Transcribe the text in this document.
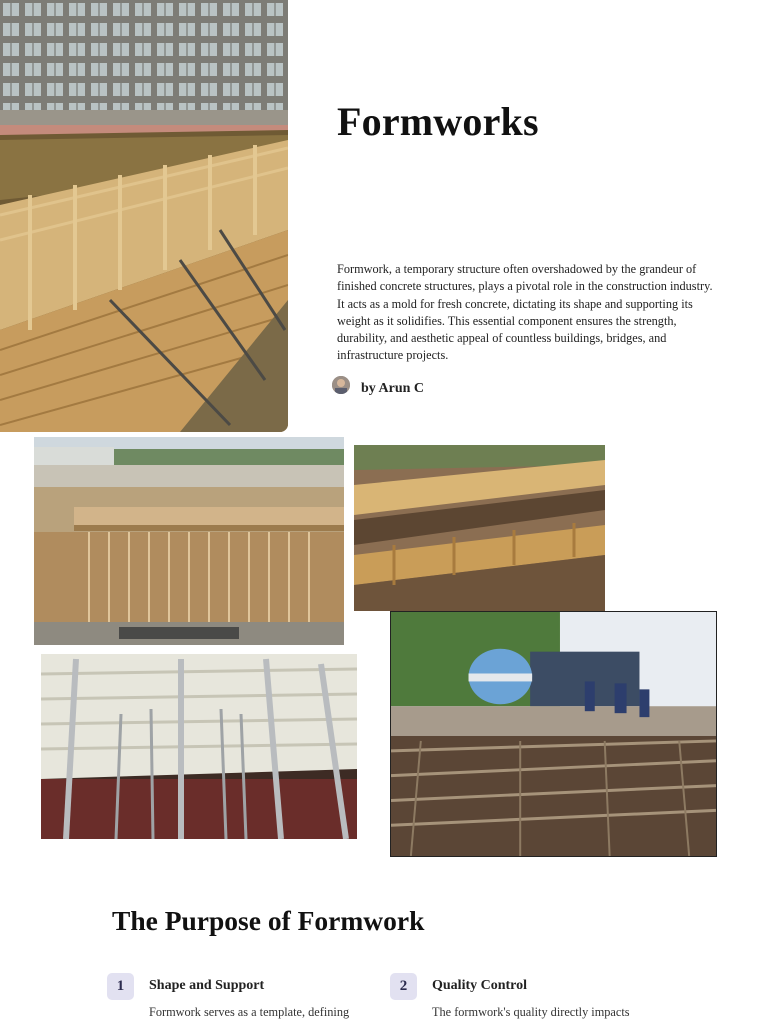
Formworks

Formwork, a temporary structure often overshadowed by the grandeur of finished concrete structures, plays a pivotal role in the construction industry. It acts as a mold for fresh concrete, dictating its shape and supporting its weight as it solidifies. This essential component ensures the strength, durability, and aesthetic appeal of countless buildings, bridges, and infrastructure projects.

by Arun C
The Purpose of Formwork
1	Shape and Support
Formwork serves as a template, defining
2	Quality Control
The formwork's quality directly impacts
